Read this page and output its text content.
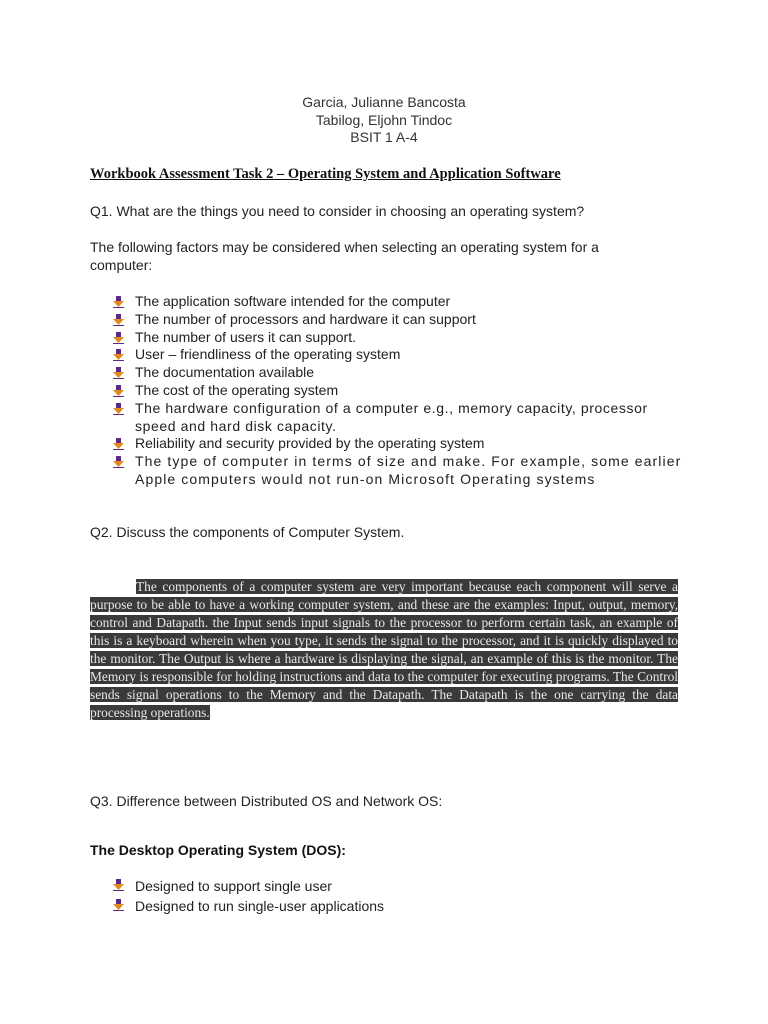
Garcia, Julianne Bancosta
Tabilog, Eljohn Tindoc
BSIT 1 A-4
Workbook Assessment Task 2 – Operating System and Application Software
Q1. What are the things you need to consider in choosing an operating system?
The following factors may be considered when selecting an operating system for a computer:
The application software intended for the computer
The number of processors and hardware it can support
The number of users it can support.
User – friendliness of the operating system
The documentation available
The cost of the operating system
The hardware configuration of a computer e.g., memory capacity, processor speed and hard disk capacity.
Reliability and security provided by the operating system
The type of computer in terms of size and make. For example, some earlier Apple computers would not run-on Microsoft Operating systems
Q2. Discuss the components of Computer System.
The components of a computer system are very important because each component will serve a purpose to be able to have a working computer system, and these are the examples: Input, output, memory, control and Datapath. the Input sends input signals to the processor to perform certain task, an example of this is a keyboard wherein when you type, it sends the signal to the processor, and it is quickly displayed to the monitor. The Output is where a hardware is displaying the signal, an example of this is the monitor. The Memory is responsible for holding instructions and data to the computer for executing programs. The Control sends signal operations to the Memory and the Datapath. The Datapath is the one carrying the data processing operations.
Q3. Difference between Distributed OS and Network OS:
The Desktop Operating System (DOS):
Designed to support single user
Designed to run single-user applications
